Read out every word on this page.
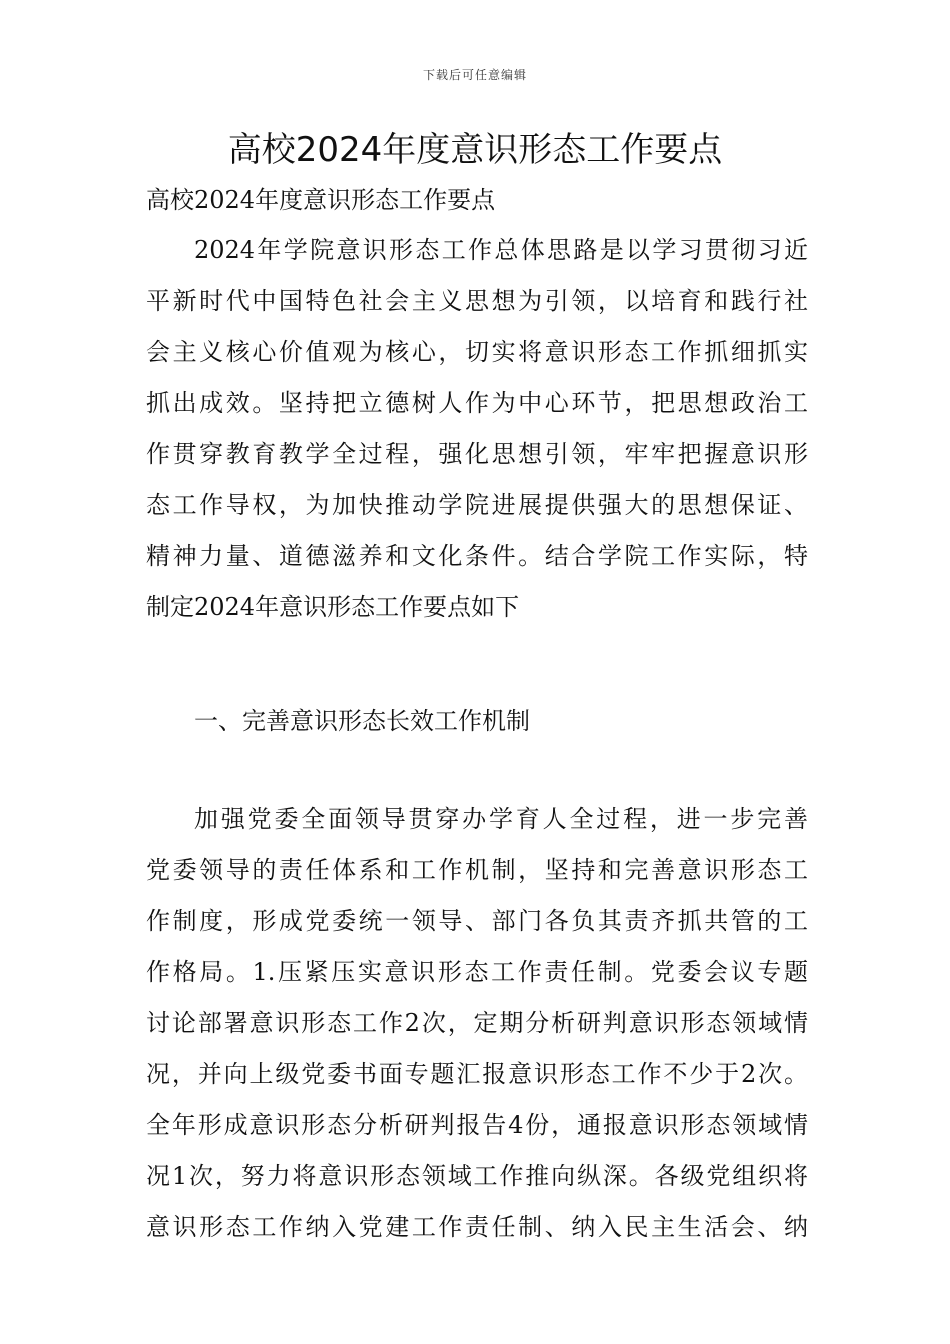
下载后可任意编辑
高校2024年度意识形态工作要点
高校2024年度意识形态工作要点
2024年学院意识形态工作总体思路是以学习贯彻习近
平新时代中国特色社会主义思想为引领，以培育和践行社
会主义核心价值观为核心，切实将意识形态工作抓细抓实
抓出成效。坚持把立德树人作为中心环节，把思想政治工
作贯穿教育教学全过程，强化思想引领，牢牢把握意识形
态工作导权，为加快推动学院进展提供强大的思想保证、
精神力量、道德滋养和文化条件。结合学院工作实际，特
制定2024年意识形态工作要点如下
一、完善意识形态长效工作机制
加强党委全面领导贯穿办学育人全过程，进一步完善
党委领导的责任体系和工作机制，坚持和完善意识形态工
作制度，形成党委统一领导、部门各负其责齐抓共管的工
作格局。1.压紧压实意识形态工作责任制。党委会议专题
讨论部署意识形态工作2次，定期分析研判意识形态领域情
况，并向上级党委书面专题汇报意识形态工作不少于2次。
全年形成意识形态分析研判报告4份，通报意识形态领域情
况1次，努力将意识形态领域工作推向纵深。各级党组织将
意识形态工作纳入党建工作责任制、纳入民主生活会、纳
